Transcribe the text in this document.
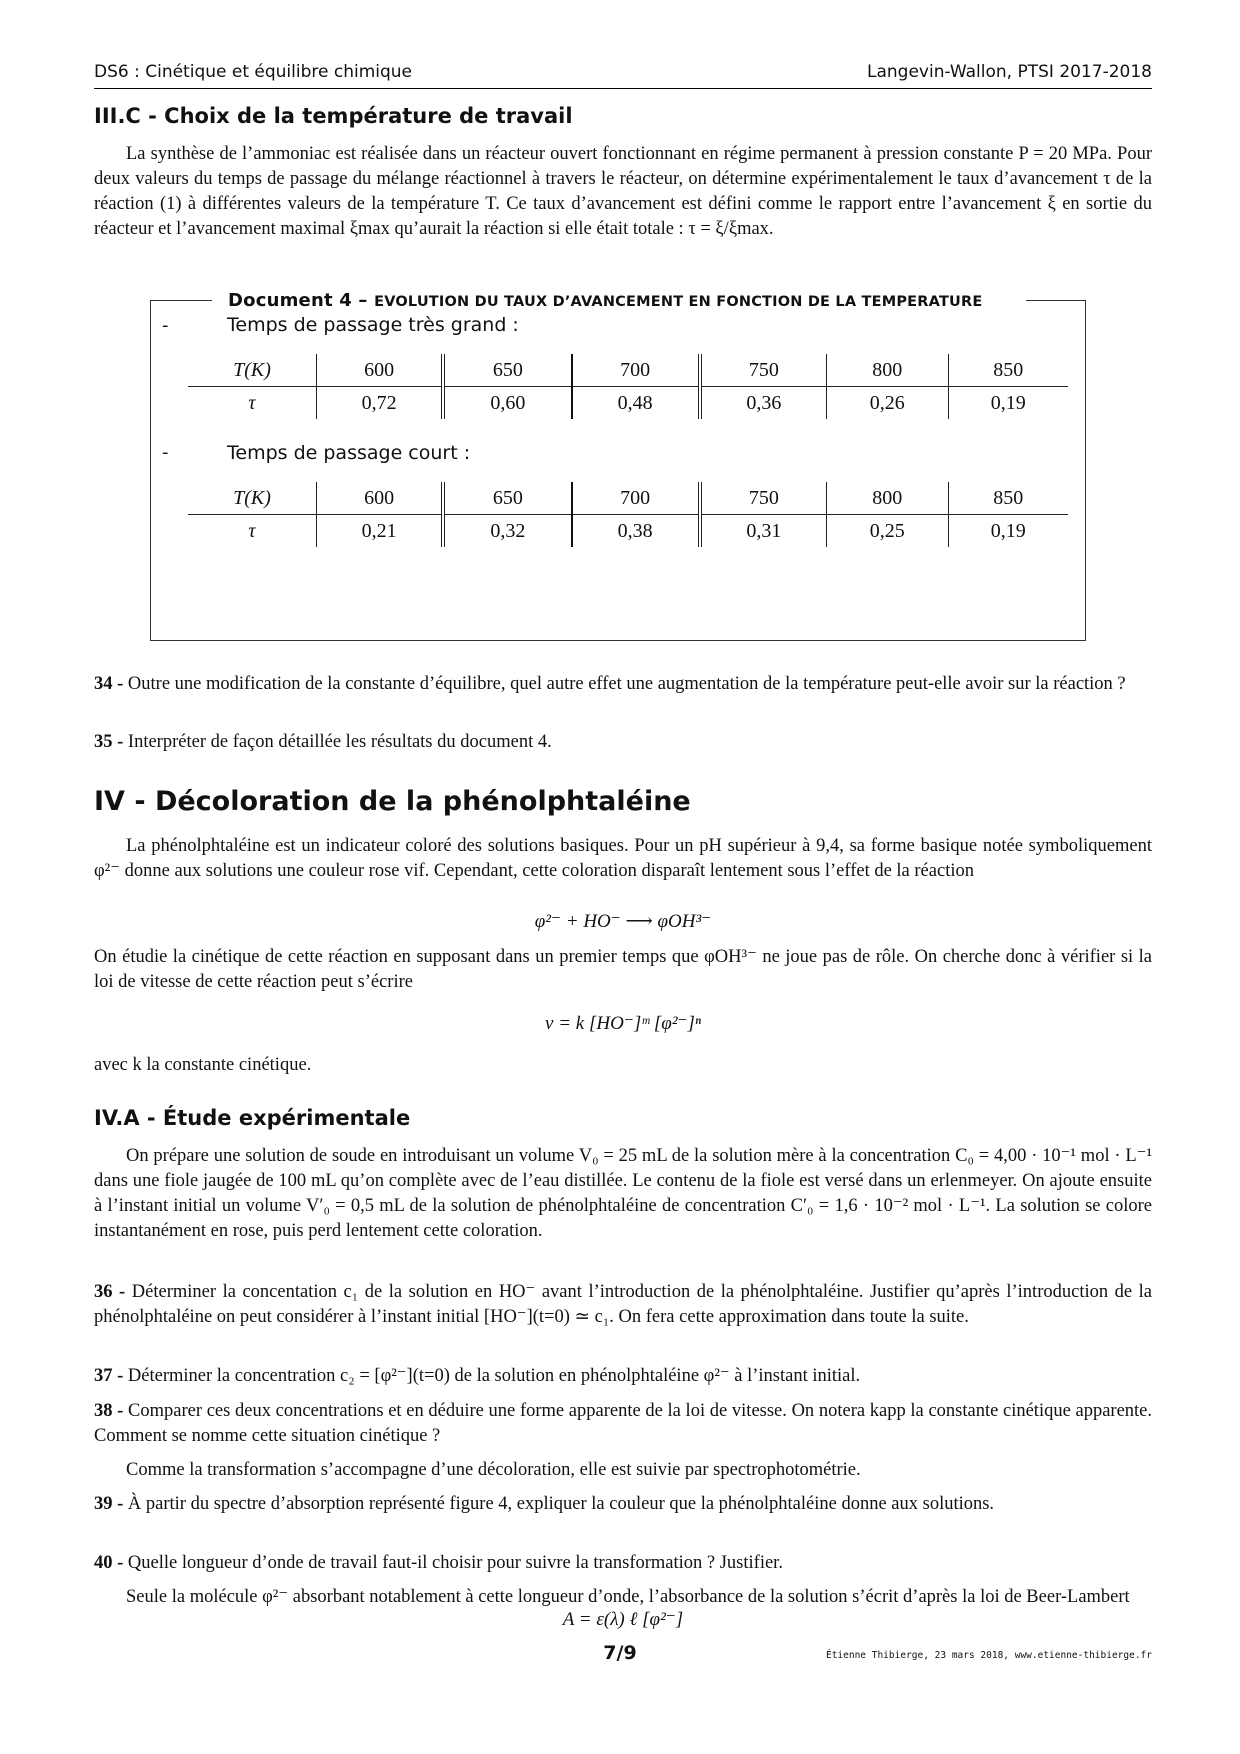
DS6 : Cinétique et équilibre chimique	Langevin-Wallon, PTSI 2017-2018
III.C - Choix de la température de travail
La synthèse de l’ammoniac est réalisée dans un réacteur ouvert fonctionnant en régime permanent à pression constante P = 20 MPa. Pour deux valeurs du temps de passage du mélange réactionnel à travers le réacteur, on détermine expérimentalement le taux d’avancement τ de la réaction (1) à différentes valeurs de la température T. Ce taux d’avancement est défini comme le rapport entre l’avancement ξ en sortie du réacteur et l’avancement maximal ξmax qu’aurait la réaction si elle était totale : τ = ξ/ξmax.
Document 4 – EVOLUTION DU TAUX D’AVANCEMENT EN FONCTION DE LA TEMPERATURE
-	Temps de passage très grand :
T(K)	600	650	700	750	800	850
τ	0,72	0,60	0,48	0,36	0,26	0,19
-	Temps de passage court :
T(K)	600	650	700	750	800	850
τ	0,21	0,32	0,38	0,31	0,25	0,19
34 - Outre une modification de la constante d’équilibre, quel autre effet une augmentation de la température peut-elle avoir sur la réaction ?
35 - Interpréter de façon détaillée les résultats du document 4.
IV - Décoloration de la phénolphtaléine
La phénolphtaléine est un indicateur coloré des solutions basiques. Pour un pH supérieur à 9,4, sa forme basique notée symboliquement φ²⁻ donne aux solutions une couleur rose vif. Cependant, cette coloration disparaît lentement sous l’effet de la réaction
φ²⁻ + HO⁻ ⟶ φOH³⁻
On étudie la cinétique de cette réaction en supposant dans un premier temps que φOH³⁻ ne joue pas de rôle. On cherche donc à vérifier si la loi de vitesse de cette réaction peut s’écrire
v = k [HO⁻]ᵐ [φ²⁻]ⁿ
avec k la constante cinétique.
IV.A - Étude expérimentale
On prépare une solution de soude en introduisant un volume V₀ = 25 mL de la solution mère à la concentration C₀ = 4,00 · 10⁻¹ mol · L⁻¹ dans une fiole jaugée de 100 mL qu’on complète avec de l’eau distillée. Le contenu de la fiole est versé dans un erlenmeyer. On ajoute ensuite à l’instant initial un volume V′₀ = 0,5 mL de la solution de phénolphtaléine de concentration C′₀ = 1,6 · 10⁻² mol · L⁻¹. La solution se colore instantanément en rose, puis perd lentement cette coloration.
36 - Déterminer la concentation c₁ de la solution en HO⁻ avant l’introduction de la phénolphtaléine. Justifier qu’après l’introduction de la phénolphtaléine on peut considérer à l’instant initial [HO⁻](t=0) ≃ c₁. On fera cette approximation dans toute la suite.
37 - Déterminer la concentration c₂ = [φ²⁻](t=0) de la solution en phénolphtaléine φ²⁻ à l’instant initial.
38 - Comparer ces deux concentrations et en déduire une forme apparente de la loi de vitesse. On notera kapp la constante cinétique apparente. Comment se nomme cette situation cinétique ?
Comme la transformation s’accompagne d’une décoloration, elle est suivie par spectrophotométrie.
39 - À partir du spectre d’absorption représenté figure 4, expliquer la couleur que la phénolphtaléine donne aux solutions.
40 - Quelle longueur d’onde de travail faut-il choisir pour suivre la transformation ? Justifier.
Seule la molécule φ²⁻ absorbant notablement à cette longueur d’onde, l’absorbance de la solution s’écrit d’après la loi de Beer-Lambert
7/9	Étienne Thibierge, 23 mars 2018, www.etienne-thibierge.fr
A = ε(λ) ℓ [φ²⁻]
